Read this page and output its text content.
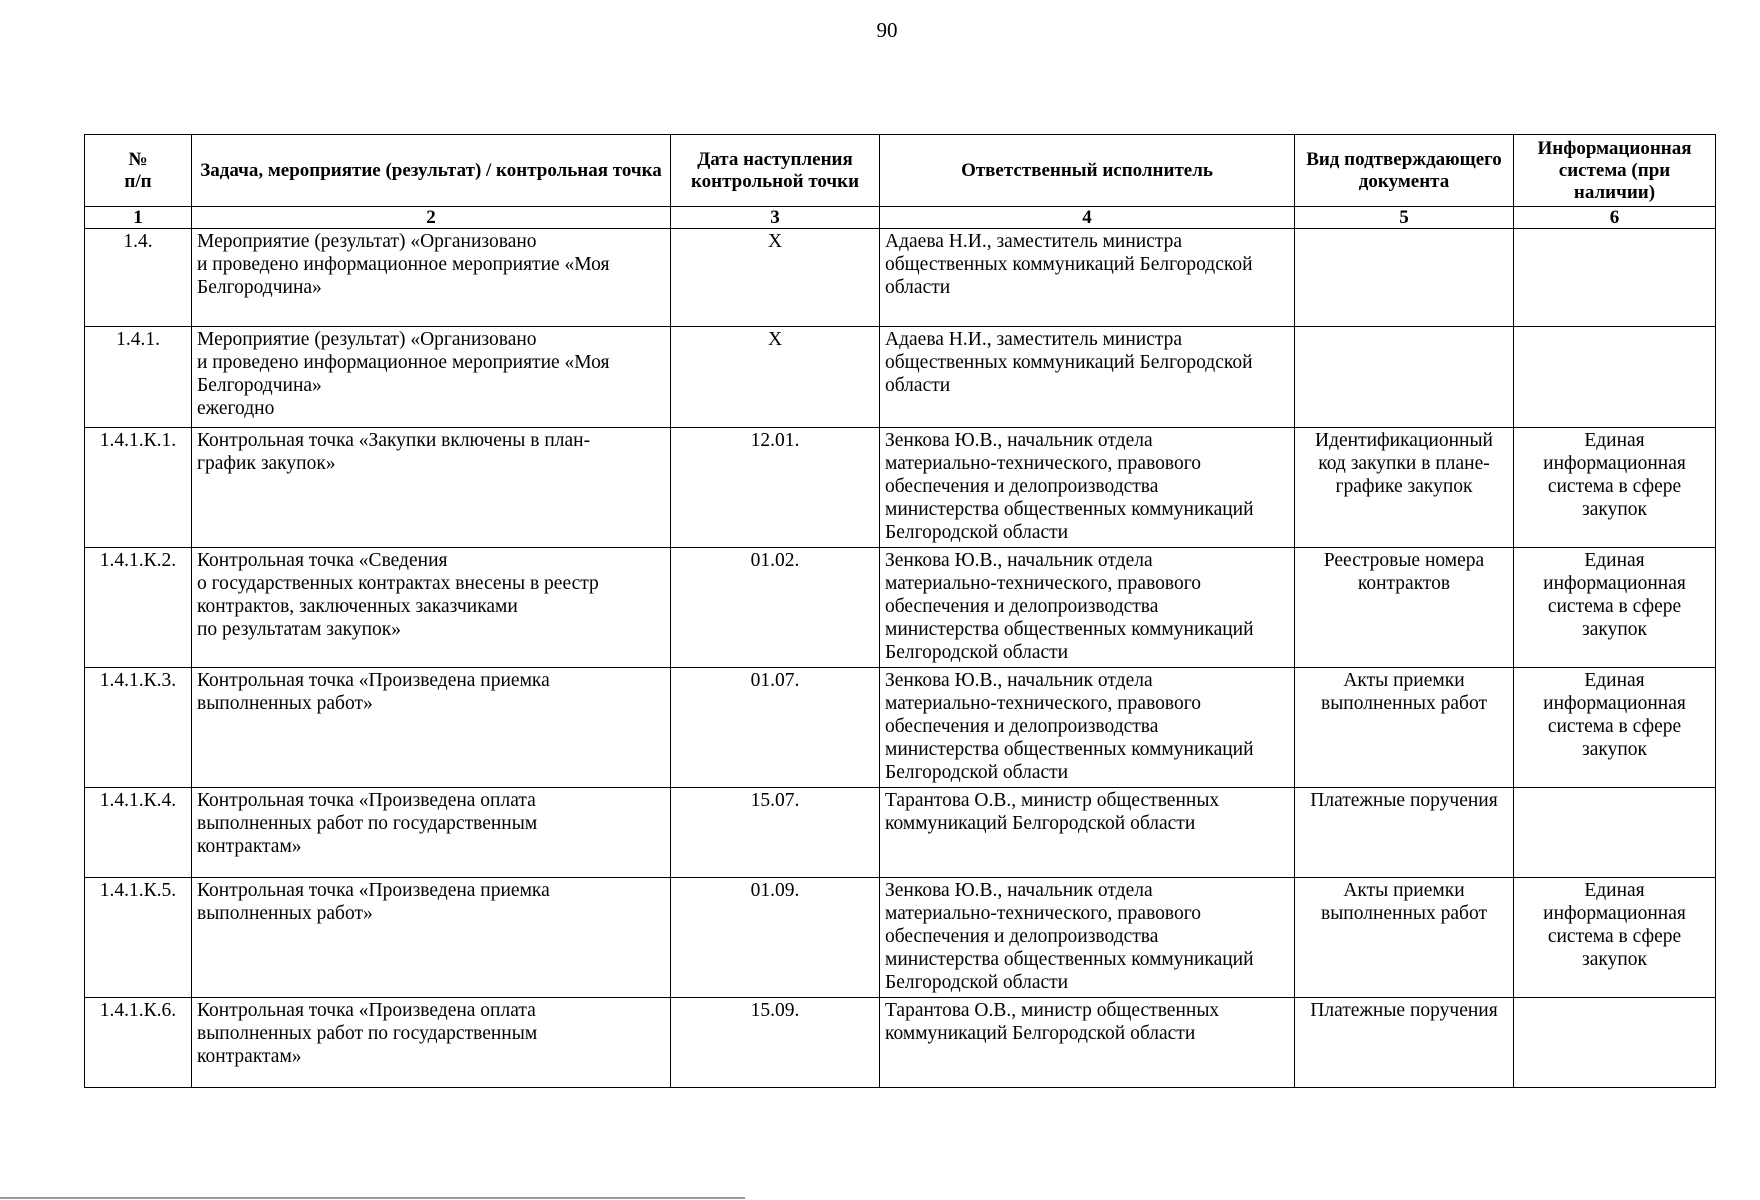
90
№
п/п	Задача, мероприятие (результат) / контрольная точка	Дата наступления контрольной точки	Ответственный исполнитель	Вид подтверждающего документа	Информационная система (при наличии)
1	2	3	4	5	6
1.4.	Мероприятие (результат) «Организовано
и проведено информационное мероприятие «Моя
Белгородчина»	X	Адаева Н.И., заместитель министра
общественных коммуникаций Белгородской
области		

1.4.1.	Мероприятие (результат) «Организовано
и проведено информационное мероприятие «Моя
Белгородчина»
ежегодно	X	Адаева Н.И., заместитель министра
общественных коммуникаций Белгородской
области		

1.4.1.К.1.	Контрольная точка «Закупки включены в план-
график закупок»	12.01.	Зенкова Ю.В., начальник отдела
материально-технического, правового
обеспечения и делопроизводства
министерства общественных коммуникаций
Белгородской области	Идентификационный
код закупки в плане-
графике закупок	Единая
информационная
система в сфере
закупок

1.4.1.К.2.	Контрольная точка «Сведения
о государственных контрактах внесены в реестр
контрактов, заключенных заказчиками
по результатам закупок»	01.02.	Зенкова Ю.В., начальник отдела
материально-технического, правового
обеспечения и делопроизводства
министерства общественных коммуникаций
Белгородской области	Реестровые номера
контрактов	Единая
информационная
система в сфере
закупок

1.4.1.К.3.	Контрольная точка «Произведена приемка
выполненных работ»	01.07.	Зенкова Ю.В., начальник отдела
материально-технического, правового
обеспечения и делопроизводства
министерства общественных коммуникаций
Белгородской области	Акты приемки
выполненных работ	Единая
информационная
система в сфере
закупок

1.4.1.К.4.	Контрольная точка «Произведена оплата
выполненных работ по государственным
контрактам»	15.07.	Тарантова О.В., министр общественных
коммуникаций Белгородской области	Платежные поручения	
1.4.1.К.5.	Контрольная точка «Произведена приемка
выполненных работ»	01.09.	Зенкова Ю.В., начальник отдела
материально-технического, правового
обеспечения и делопроизводства
министерства общественных коммуникаций
Белгородской области	Акты приемки
выполненных работ	Единая
информационная
система в сфере
закупок

1.4.1.К.6.	Контрольная точка «Произведена оплата
выполненных работ по государственным
контрактам»	15.09.	Тарантова О.В., министр общественных
коммуникаций Белгородской области	Платежные поручения	
